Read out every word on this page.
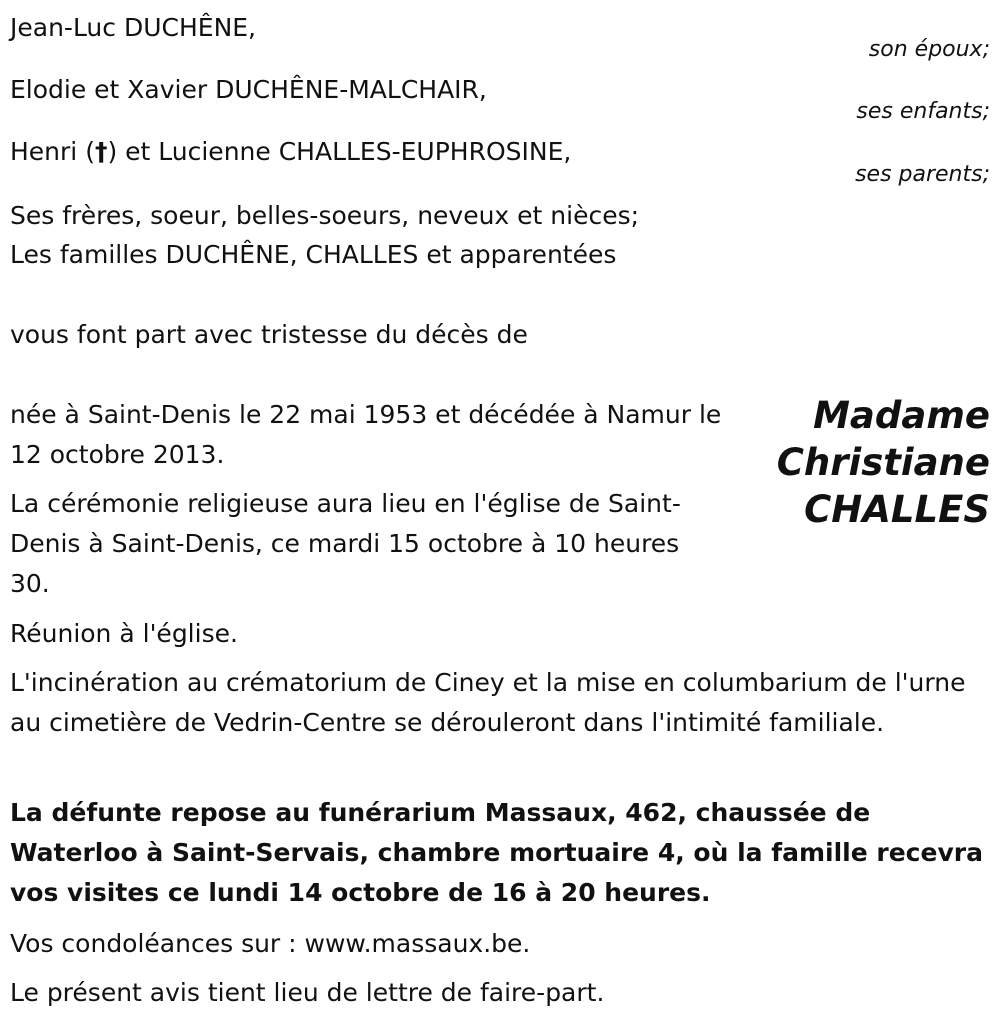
Jean-Luc DUCHÊNE,
son époux;
Elodie et Xavier DUCHÊNE-MALCHAIR,
ses enfants;
Henri (†) et Lucienne CHALLES-EUPHROSINE,
ses parents;
Ses frères, soeur, belles-soeurs, neveux et nièces;
Les familles DUCHÊNE, CHALLES et apparentées
vous font part avec tristesse du décès de
Madame
Christiane
CHALLES
née à Saint-Denis le 22 mai 1953 et décédée à Namur le 12 octobre 2013.
La cérémonie religieuse aura lieu en l'église de Saint-Denis à Saint-Denis, ce mardi 15 octobre à 10 heures 30.
Réunion à l'église.
L'incinération au crématorium de Ciney et la mise en columbarium de l'urne au cimetière de Vedrin-Centre se dérouleront dans l'intimité familiale.
La défunte repose au funérarium Massaux, 462, chaussée de Waterloo à Saint-Servais, chambre mortuaire 4, où la famille recevra vos visites ce lundi 14 octobre de 16 à 20 heures.
Vos condoléances sur : www.massaux.be.
Le présent avis tient lieu de lettre de faire-part.
